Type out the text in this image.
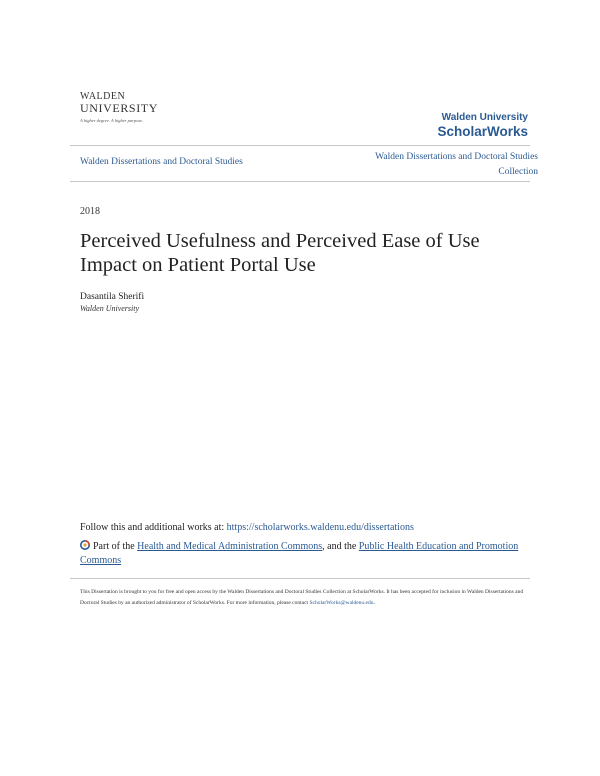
WALDEN
UNIVERSITY
A higher degree. A higher purpose.	Walden University
ScholarWorks
Walden Dissertations and Doctoral Studies	Walden Dissertations and Doctoral Studies
Collection
2018
Perceived Usefulness and Perceived Ease of Use Impact on Patient Portal Use
Dasantila Sherifi
Walden University
Follow this and additional works at: https://scholarworks.waldenu.edu/dissertations
Part of the Health and Medical Administration Commons, and the Public Health Education and Promotion Commons
This Dissertation is brought to you for free and open access by the Walden Dissertations and Doctoral Studies Collection at ScholarWorks. It has been accepted for inclusion in Walden Dissertations and Doctoral Studies by an authorized administrator of ScholarWorks. For more information, please contact ScholarWorks@waldenu.edu.
